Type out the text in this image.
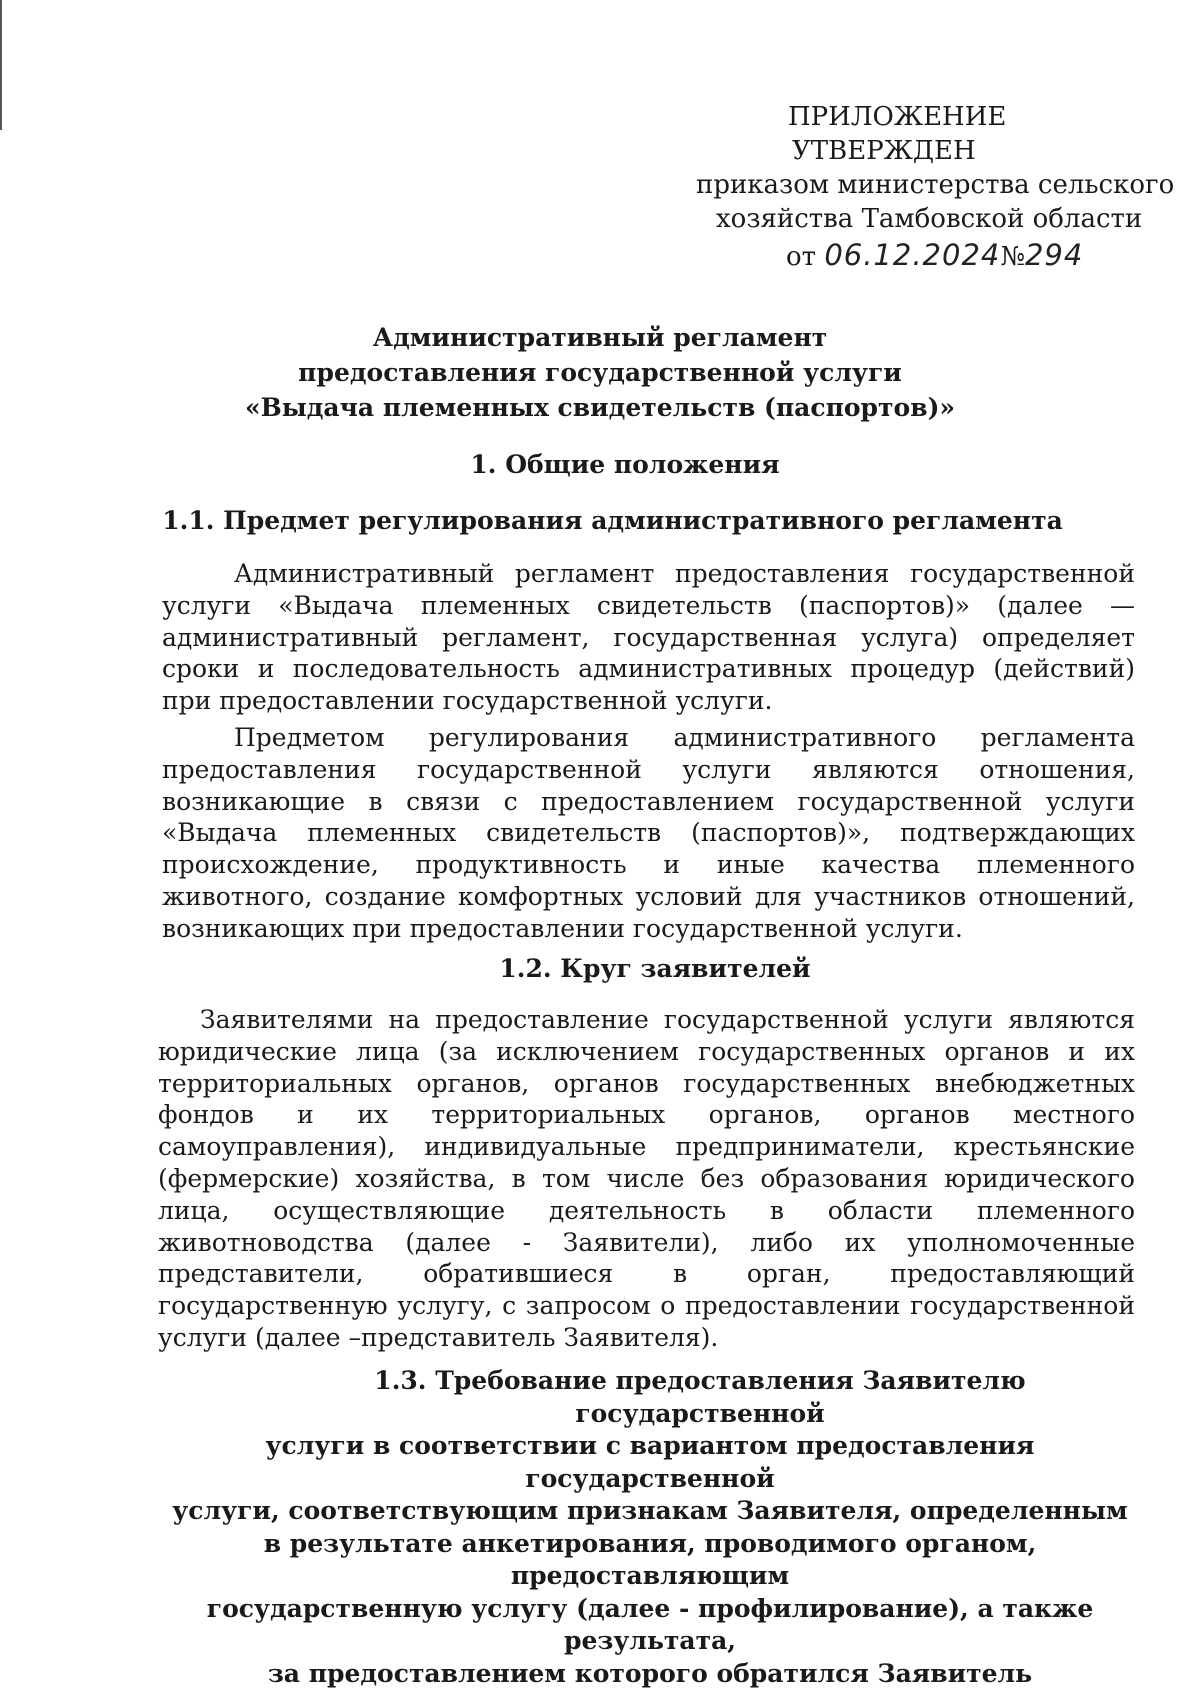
ПРИЛОЖЕНИЕ
УТВЕРЖДЕН
приказом министерства сельского
хозяйства Тамбовской области
от 06.12.2024№294
Административный регламент
предоставления государственной услуги
«Выдача племенных свидетельств (паспортов)»
1. Общие положения
1.1. Предмет регулирования административного регламента
Административный регламент предоставления государственной услуги «Выдача племенных свидетельств (паспортов)» (далее — административный регламент, государственная услуга) определяет сроки и последовательность административных процедур (действий) при предоставлении государственной услуги.
Предметом регулирования административного регламента предоставления государственной услуги являются отношения, возникающие в связи с предоставлением государственной услуги «Выдача племенных свидетельств (паспортов)», подтверждающих происхождение, продуктивность и иные качества племенного животного, создание комфортных условий для участников отношений, возникающих при предоставлении государственной услуги.
1.2. Круг заявителей
Заявителями на предоставление государственной услуги являются юридические лица (за исключением государственных органов и их территориальных органов, органов государственных внебюджетных фондов и их территориальных органов, органов местного самоуправления), индивидуальные предприниматели, крестьянские (фермерские) хозяйства, в том числе без образования юридического лица, осуществляющие деятельность в области племенного животноводства (далее - Заявители), либо их уполномоченные представители, обратившиеся в орган, предоставляющий государственную услугу, с запросом о предоставлении государственной услуги (далее –представитель Заявителя).
1.3. Требование предоставления Заявителю государственной
услуги в соответствии с вариантом предоставления государственной
услуги, соответствующим признакам Заявителя, определенным
в результате анкетирования, проводимого органом, предоставляющим
государственную услугу (далее - профилирование), а также результата,
за предоставлением которого обратился Заявитель
